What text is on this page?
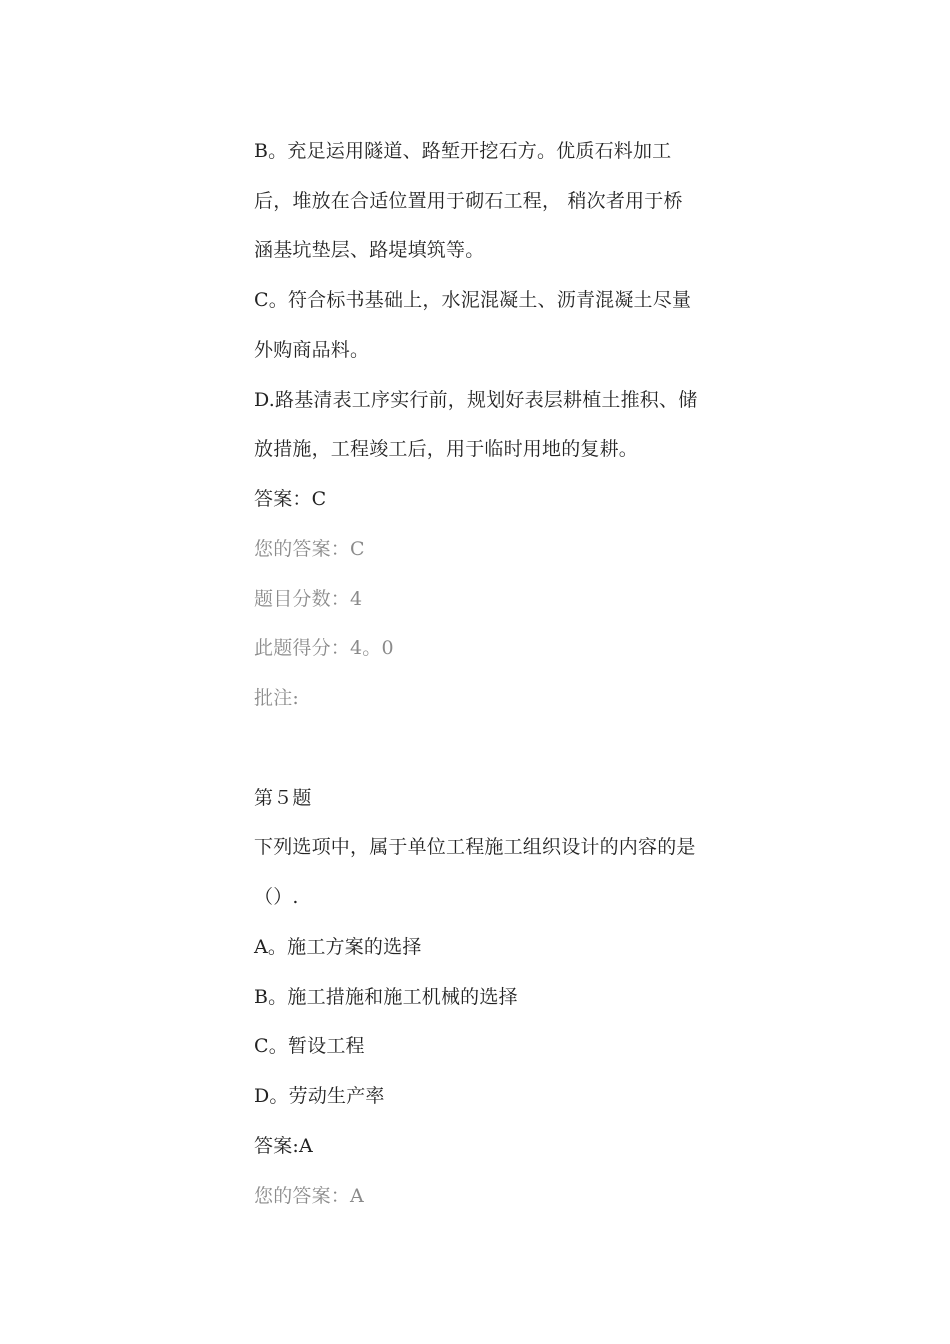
B。充足运用隧道、路堑开挖石方。优质石料加工
后，堆放在合适位置用于砌石工程， 稍次者用于桥
涵基坑垫层、路堤填筑等。
C。符合标书基础上，水泥混凝土、沥青混凝土尽量
外购商品料。
D.路基清表工序实行前，规划好表层耕植土推积、储
放措施，工程竣工后，用于临时用地的复耕。
答案：C
您的答案：C
题目分数：4
此题得分：4。0
批注:
第５题
下列选项中，属于单位工程施工组织设计的内容的是
（）.
A。施工方案的选择
B。施工措施和施工机械的选择
C。暂设工程
D。劳动生产率
答案:A
您的答案：A
